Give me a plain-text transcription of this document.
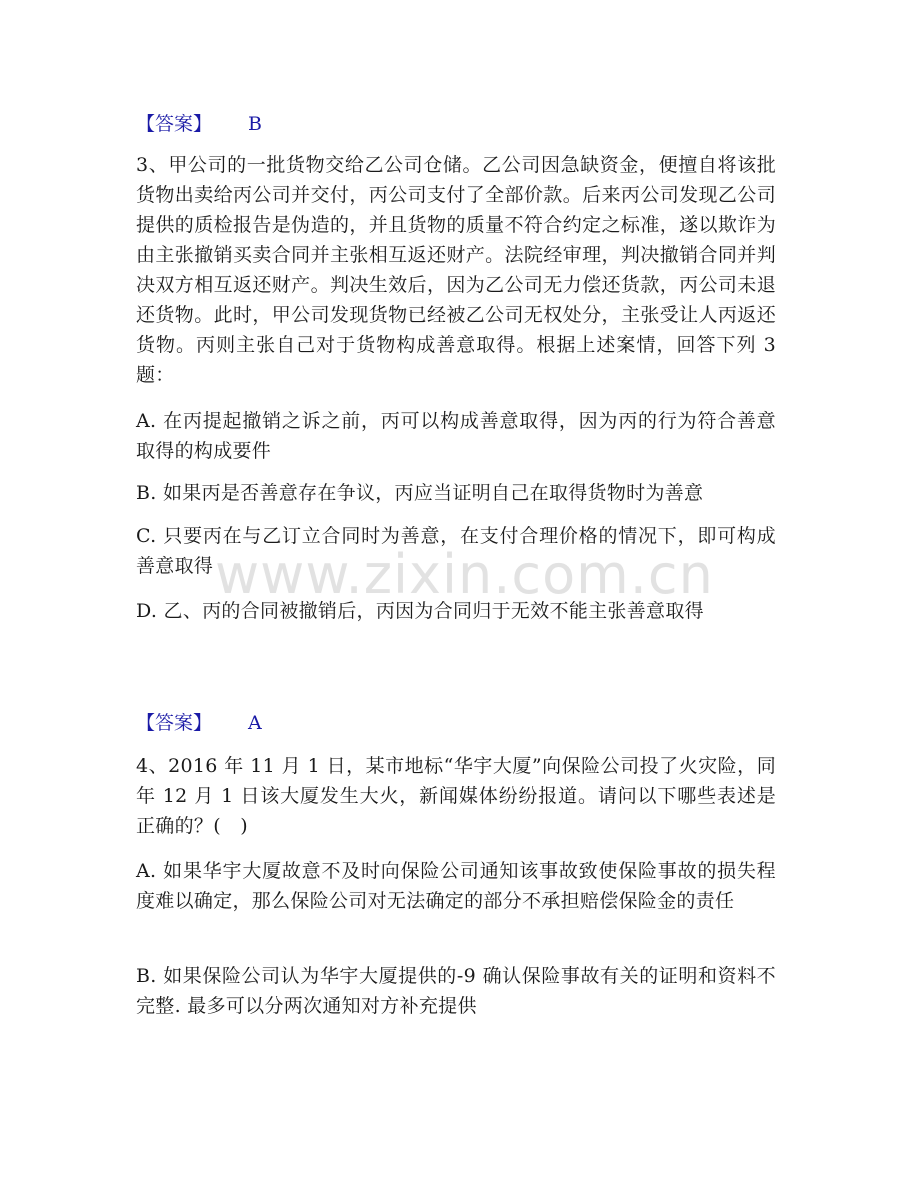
【答案】 B
3、甲公司的一批货物交给乙公司仓储。乙公司因急缺资金，便擅自将该批货物出卖给丙公司并交付，丙公司支付了全部价款。后来丙公司发现乙公司提供的质检报告是伪造的，并且货物的质量不符合约定之标准，遂以欺诈为由主张撤销买卖合同并主张相互返还财产。法院经审理，判决撤销合同并判决双方相互返还财产。判决生效后，因为乙公司无力偿还货款，丙公司未退还货物。此时，甲公司发现货物已经被乙公司无权处分，主张受让人丙返还货物。丙则主张自己对于货物构成善意取得。根据上述案情，回答下列 3 题：
A. 在丙提起撤销之诉之前，丙可以构成善意取得，因为丙的行为符合善意取得的构成要件
B. 如果丙是否善意存在争议，丙应当证明自己在取得货物时为善意
C. 只要丙在与乙订立合同时为善意，在支付合理价格的情况下，即可构成善意取得
D. 乙、丙的合同被撤销后，丙因为合同归于无效不能主张善意取得
【答案】 A
4、2016 年 11 月 1 日，某市地标“华宇大厦”向保险公司投了火灾险，同年 12 月 1 日该大厦发生大火，新闻媒体纷纷报道。请问以下哪些表述是正确的？(　)
A. 如果华宇大厦故意不及时向保险公司通知该事故致使保险事故的损失程度难以确定，那么保险公司对无法确定的部分不承担赔偿保险金的责任
B. 如果保险公司认为华宇大厦提供的-9 确认保险事故有关的证明和资料不完整. 最多可以分两次通知对方补充提供
www.zixin.com.cn
